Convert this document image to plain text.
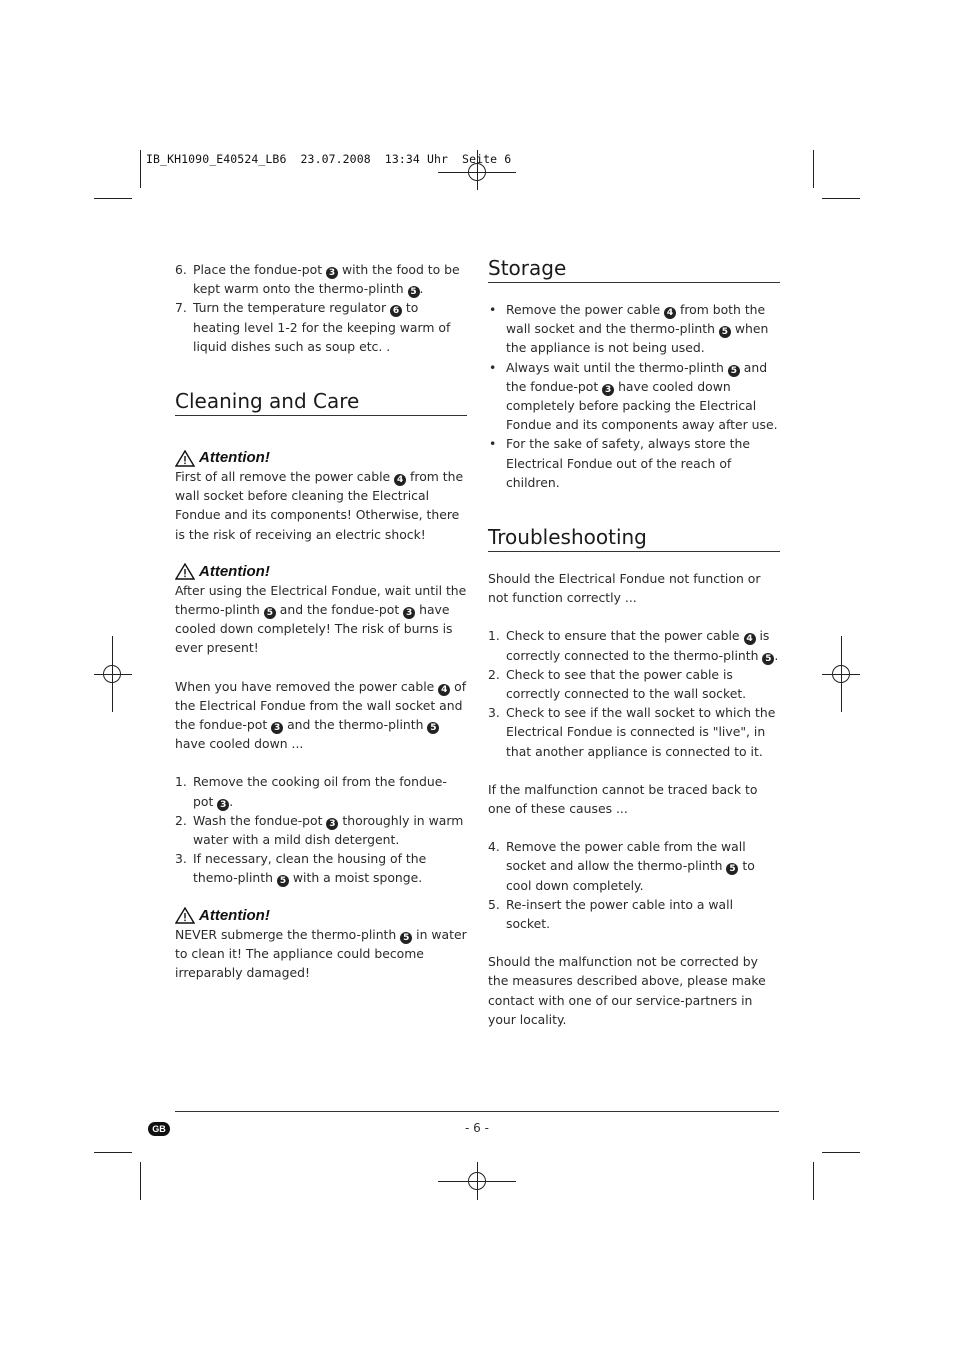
IB_KH1090_E40524_LB6  23.07.2008  13:34 Uhr  Seite 6
6. Place the fondue-pot 3 with the food to be kept warm onto the thermo-plinth 5 .
7. Turn the temperature regulator 6 to heating level 1-2 for the keeping warm of liquid dishes such as soup etc. .
Cleaning and Care
Attention!

First of all remove the power cable 4 from the wall socket before cleaning the Electrical Fondue and its components! Otherwise, there is the risk of receiving an electric shock!

Attention!

After using the Electrical Fondue, wait until the thermo-plinth 5 and the fondue-pot 3 have cooled down completely! The risk of burns is ever present!

When you have removed the power cable 4 of the Electrical Fondue from the wall socket and the fondue-pot 3 and the thermo-plinth 5 have cooled down ...

1. Remove the cooking oil from the fondue-pot 3 .
2. Wash the fondue-pot 3 thoroughly in warm water with a mild dish detergent.
3. If necessary, clean the housing of the themo-plinth 5 with a moist sponge.
Attention!

NEVER submerge the thermo-plinth 5 in water to clean it! The appliance could become irreparably damaged!

Storage
• Remove the power cable 4 from both the wall socket and the thermo-plinth 5 when the appliance is not being used.
• Always wait until the thermo-plinth 5 and the fondue-pot 3 have cooled down completely before packing the Electrical Fondue and its components away after use.
• For the sake of safety, always store the Electrical Fondue out of the reach of children.
Troubleshooting

Should the Electrical Fondue not function or not function correctly ...

1. Check to ensure that the power cable 4 is correctly connected to the thermo-plinth 5 .
2. Check to see that the power cable is correctly connected to the wall socket.
3. Check to see if the wall socket to which the Electrical Fondue is connected is "live", in that another appliance is connected to it.

If the malfunction cannot be traced back to one of these causes ...

4. Remove the power cable from the wall socket and allow the thermo-plinth 5 to cool down completely.
5. Re-insert the power cable into a wall socket.

Should the malfunction not be corrected by the measures described above, please make contact with one of our service-partners in your locality.

GB	- 6 -
